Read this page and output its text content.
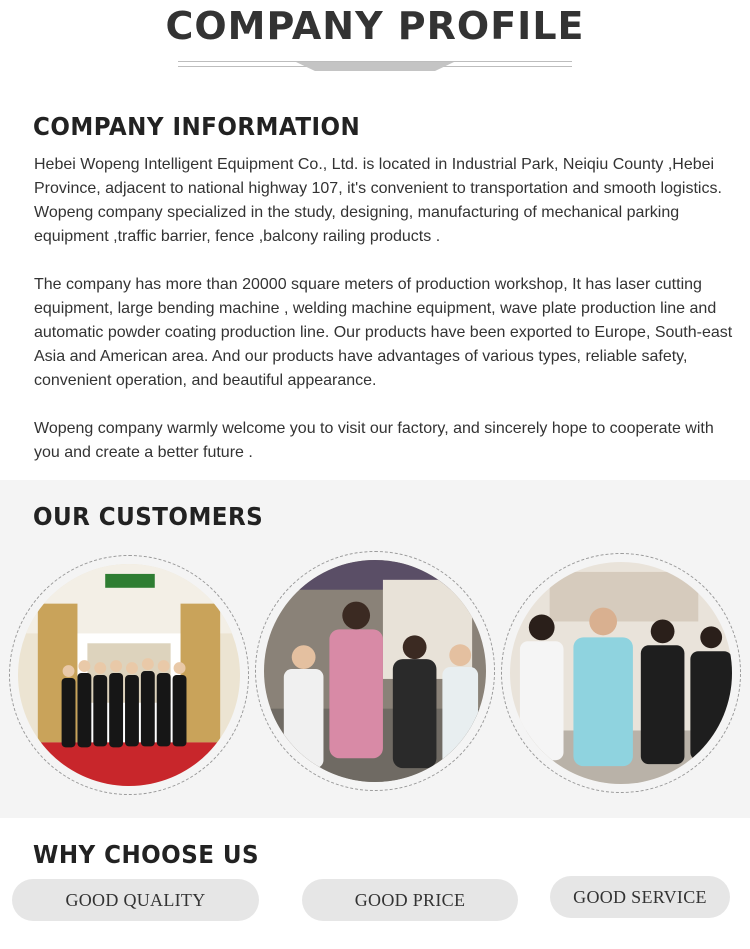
COMPANY PROFILE
COMPANY INFORMATION

Hebei Wopeng Intelligent Equipment Co., Ltd. is located in Industrial Park, Neiqiu County ,Hebei Province, adjacent to national highway 107, it's convenient to transportation and smooth logistics. Wopeng company specialized in the study, designing, manufacturing of mechanical parking equipment ,traffic barrier, fence ,balcony railing products .

The company has more than 20000 square meters of production workshop, It has laser cutting equipment, large bending machine , welding machine equipment, wave plate production line and automatic powder coating production line. Our products have been exported to Europe, South-east Asia and American area. And our products have advantages of various types, reliable safety, convenient operation, and beautiful appearance.

Wopeng company warmly welcome you to visit our factory, and sincerely hope to cooperate with you and create a better future .

OUR CUSTOMERS
WHY CHOOSE US
GOOD QUALITY	GOOD PRICE	GOOD SERVICE
